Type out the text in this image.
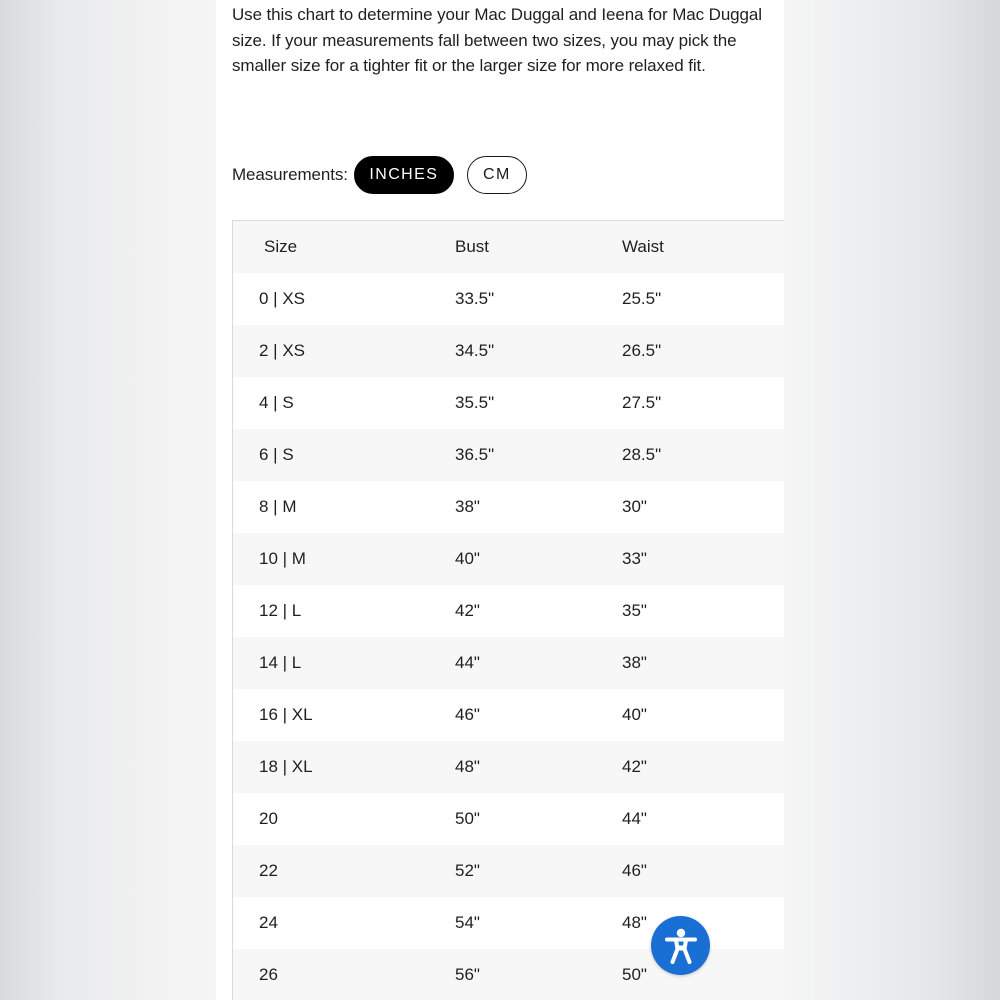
Use this chart to determine your Mac Duggal and Ieena for Mac Duggal size. If your measurements fall between two sizes, you may pick the smaller size for a tighter fit or the larger size for more relaxed fit.

Measurements:	INCHES	CM
Size	Bust	Waist
0 | XS	33.5"	25.5"
2 | XS	34.5"	26.5"
4 | S	35.5"	27.5"
6 | S	36.5"	28.5"
8 | M	38"	30"
10 | M	40"	33"
12 | L	42"	35"
14 | L	44"	38"
16 | XL	46"	40"
18 | XL	48"	42"
20	50"	44"
22	52"	46"
24	54"	48"
26	56"	50"
